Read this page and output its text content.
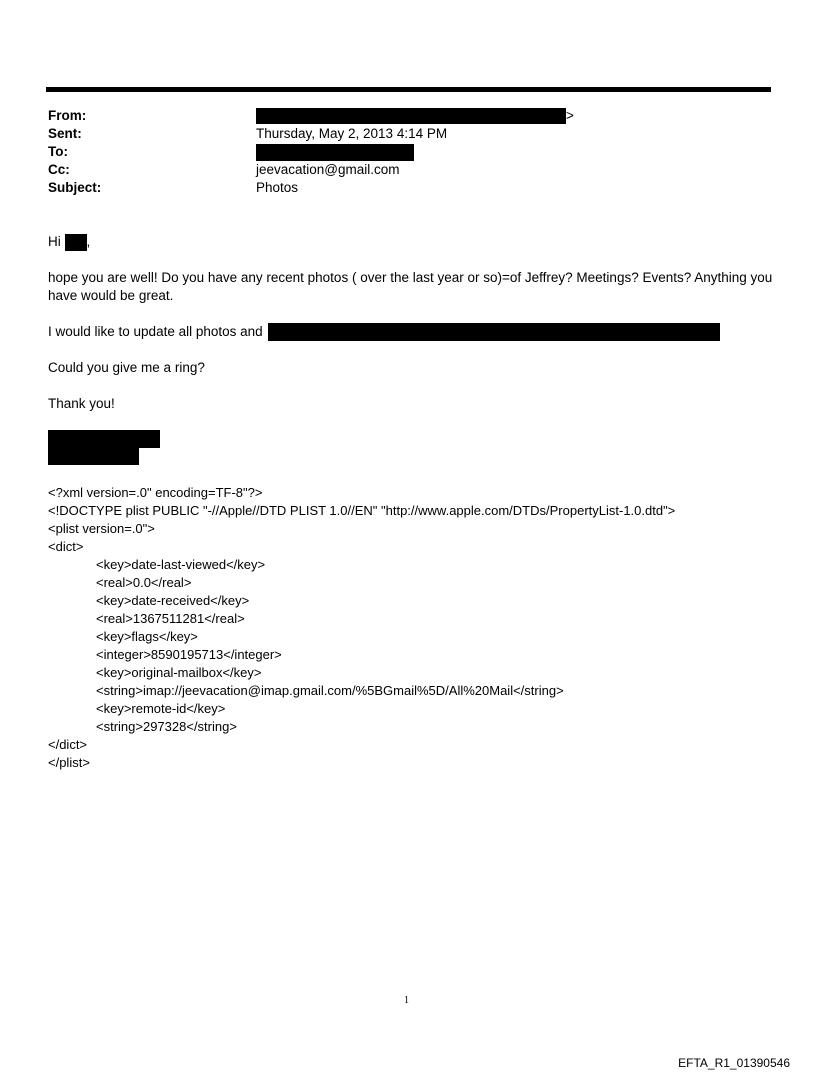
From:	>
Sent:	Thursday, May 2, 2013 4:14 PM
To:
Cc:	jeevacation@gmail.com
Subject:	Photos
Hi ,
hope you are well! Do you have any recent photos ( over the last year or so)=of Jeffrey? Meetings? Events? Anything you have would be great.
I would like to update all photos and
Could you give me a ring?
Thank you!
<?xml version=.0" encoding=TF-8"?>
<!DOCTYPE plist PUBLIC "-//Apple//DTD PLIST 1.0//EN" "http://www.apple.com/DTDs/PropertyList-1.0.dtd">
<plist version=.0">
<dict>
<key>date-last-viewed</key>
<real>0.0</real>
<key>date-received</key>
<real>1367511281</real>
<key>flags</key>
<integer>8590195713</integer>
<key>original-mailbox</key>
<string>imap://jeevacation@imap.gmail.com/%5BGmail%5D/All%20Mail</string>
<key>remote-id</key>
<string>297328</string>
</dict>
</plist>
1
EFTA_R1_01390546
